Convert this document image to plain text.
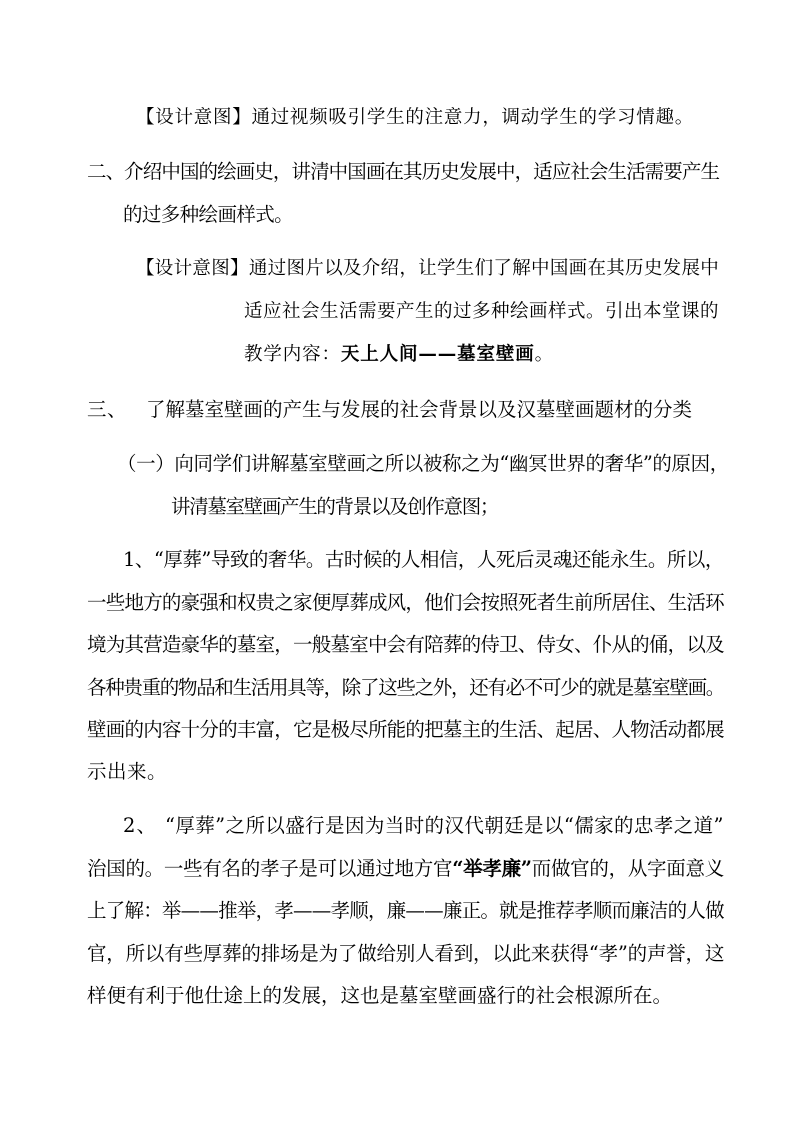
【设计意图】通过视频吸引学生的注意力，调动学生的学习情趣。
二、介绍中国的绘画史，讲清中国画在其历史发展中，适应社会生活需要产生
的过多种绘画样式。
【设计意图】通过图片以及介绍，让学生们了解中国画在其历史发展中
适应社会生活需要产生的过多种绘画样式。引出本堂课的
教学内容：天上人间——墓室壁画。
三、 了解墓室壁画的产生与发展的社会背景以及汉墓壁画题材的分类
（一）向同学们讲解墓室壁画之所以被称之为“幽冥世界的奢华”的原因，
讲清墓室壁画产生的背景以及创作意图；
1、“厚葬”导致的奢华。古时候的人相信，人死后灵魂还能永生。所以，
一些地方的豪强和权贵之家便厚葬成风，他们会按照死者生前所居住、生活环
境为其营造豪华的墓室，一般墓室中会有陪葬的侍卫、侍女、仆从的俑，以及
各种贵重的物品和生活用具等，除了这些之外，还有必不可少的就是墓室壁画。
壁画的内容十分的丰富，它是极尽所能的把墓主的生活、起居、人物活动都展
示出来。
2、 “厚葬”之所以盛行是因为当时的汉代朝廷是以“儒家的忠孝之道”
治国的。一些有名的孝子是可以通过地方官“举孝廉”而做官的，从字面意义
上了解：举——推举，孝——孝顺，廉——廉正。就是推荐孝顺而廉洁的人做
官，所以有些厚葬的排场是为了做给别人看到，以此来获得“孝”的声誉，这
样便有利于他仕途上的发展，这也是墓室壁画盛行的社会根源所在。
